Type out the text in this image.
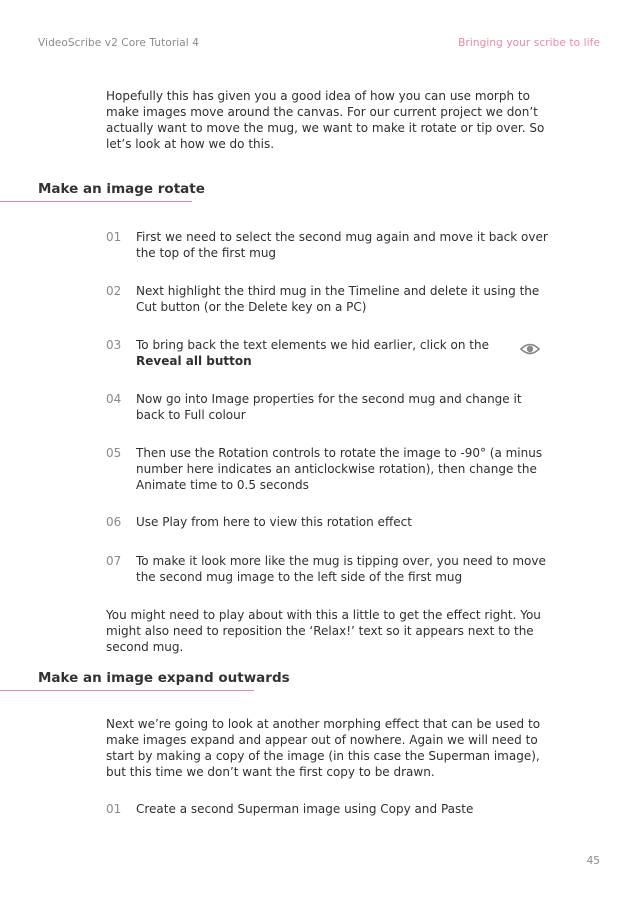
VideoScribe v2 Core Tutorial 4	Bringing your scribe to life
Hopefully this has given you a good idea of how you can use morph to make images move around the canvas. For our current project we don’t actually want to move the mug, we want to make it rotate or tip over. So let’s look at how we do this.
Make an image rotate
01 First we need to select the second mug again and move it back over the top of the first mug
02 Next highlight the third mug in the Timeline and delete it using the Cut button (or the Delete key on a PC)
03 To bring back the text elements we hid earlier, click on the Reveal all button
04 Now go into Image properties for the second mug and change it back to Full colour
05 Then use the Rotation controls to rotate the image to -90° (a minus number here indicates an anticlockwise rotation), then change the Animate time to 0.5 seconds
06 Use Play from here to view this rotation effect
07 To make it look more like the mug is tipping over, you need to move the second mug image to the left side of the first mug
You might need to play about with this a little to get the effect right. You might also need to reposition the ‘Relax!’ text so it appears next to the second mug.
Make an image expand outwards
Next we’re going to look at another morphing effect that can be used to make images expand and appear out of nowhere. Again we will need to start by making a copy of the image (in this case the Superman image), but this time we don’t want the first copy to be drawn.
01 Create a second Superman image using Copy and Paste
45
